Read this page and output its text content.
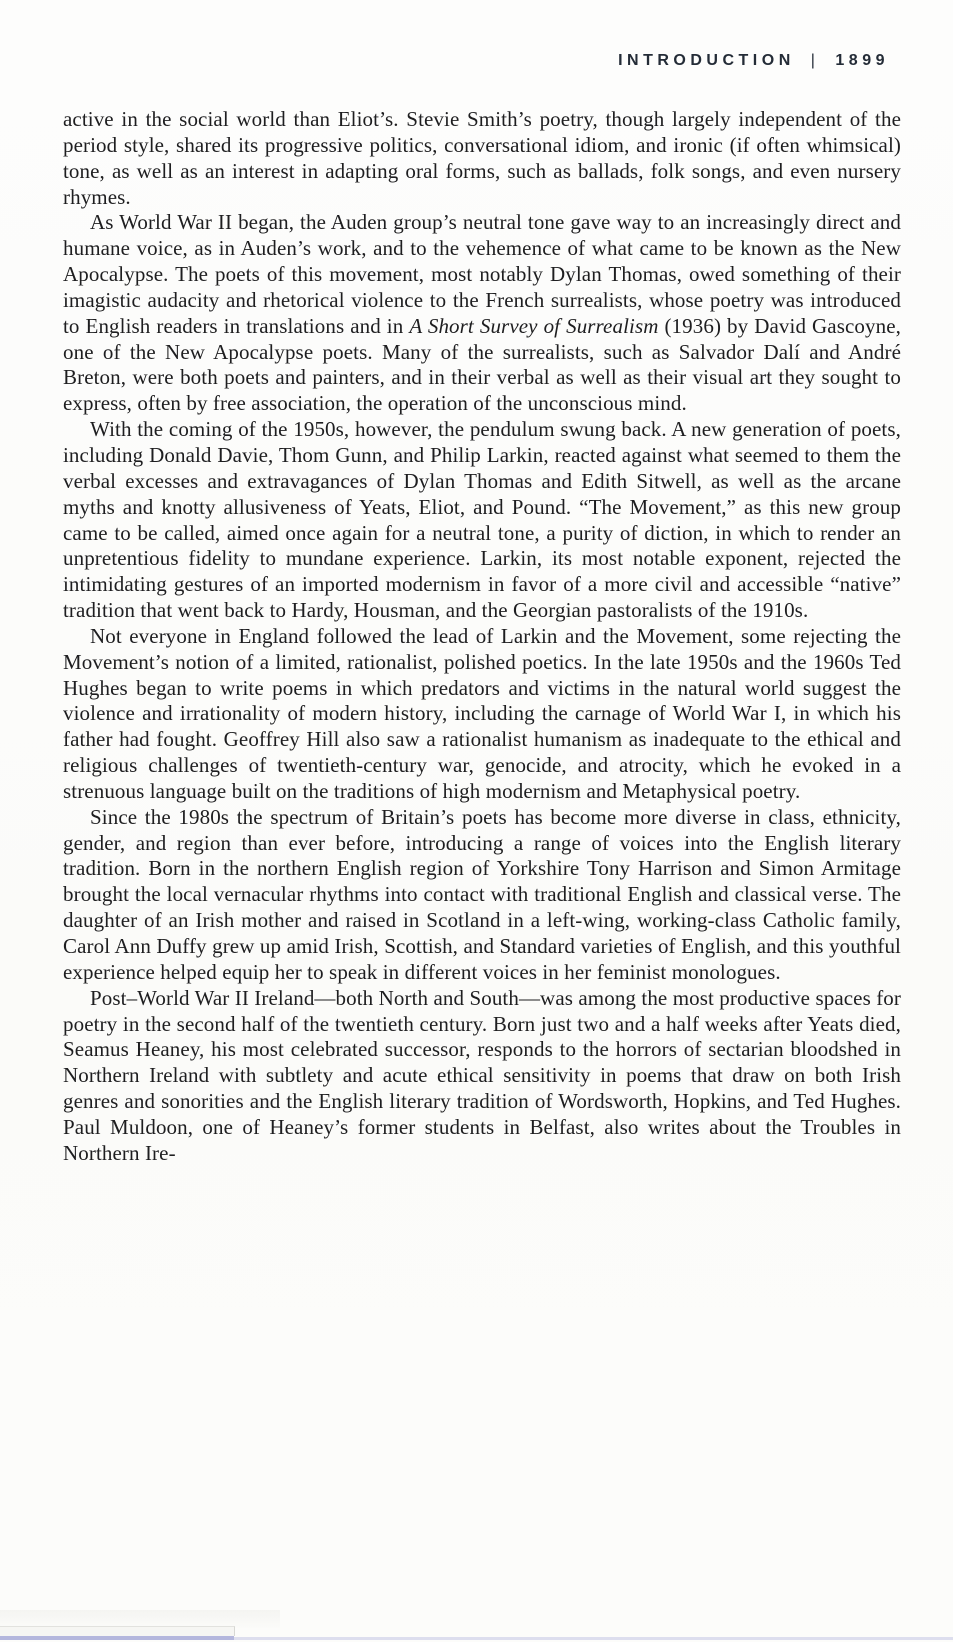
INTRODUCTION | 1899

active in the social world than Eliot’s. Stevie Smith’s poetry, though largely independent of the period style, shared its progressive politics, conversational idiom, and ironic (if often whimsical) tone, as well as an interest in adapting oral forms, such as ballads, folk songs, and even nursery rhymes.

As World War II began, the Auden group’s neutral tone gave way to an increasingly direct and humane voice, as in Auden’s work, and to the vehemence of what came to be known as the New Apocalypse. The poets of this movement, most notably Dylan Thomas, owed something of their imagistic audacity and rhetorical violence to the French surrealists, whose poetry was introduced to English readers in translations and in A Short Survey of Surrealism (1936) by David Gascoyne, one of the New Apocalypse poets. Many of the surrealists, such as Salvador Dalí and André Breton, were both poets and painters, and in their verbal as well as their visual art they sought to express, often by free association, the operation of the unconscious mind.

With the coming of the 1950s, however, the pendulum swung back. A new generation of poets, including Donald Davie, Thom Gunn, and Philip Larkin, reacted against what seemed to them the verbal excesses and extravagances of Dylan Thomas and Edith Sitwell, as well as the arcane myths and knotty allusiveness of Yeats, Eliot, and Pound. “The Movement,” as this new group came to be called, aimed once again for a neutral tone, a purity of diction, in which to render an unpretentious fidelity to mundane experience. Larkin, its most notable exponent, rejected the intimidating gestures of an imported modernism in favor of a more civil and accessible “native” tradition that went back to Hardy, Housman, and the Georgian pastoralists of the 1910s.

Not everyone in England followed the lead of Larkin and the Movement, some rejecting the Movement’s notion of a limited, rationalist, polished poetics. In the late 1950s and the 1960s Ted Hughes began to write poems in which predators and victims in the natural world suggest the violence and irrationality of modern history, including the carnage of World War I, in which his father had fought. Geoffrey Hill also saw a rationalist humanism as inadequate to the ethical and religious challenges of twentieth-century war, genocide, and atrocity, which he evoked in a strenuous language built on the traditions of high modernism and Metaphysical poetry.

Since the 1980s the spectrum of Britain’s poets has become more diverse in class, ethnicity, gender, and region than ever before, introducing a range of voices into the English literary tradition. Born in the northern English region of Yorkshire Tony Harrison and Simon Armitage brought the local vernacular rhythms into contact with traditional English and classical verse. The daughter of an Irish mother and raised in Scotland in a left-wing, working-class Catholic family, Carol Ann Duffy grew up amid Irish, Scottish, and Standard varieties of English, and this youthful experience helped equip her to speak in different voices in her feminist monologues.

Post–World War II Ireland—both North and South—was among the most productive spaces for poetry in the second half of the twentieth century. Born just two and a half weeks after Yeats died, Seamus Heaney, his most celebrated successor, responds to the horrors of sectarian bloodshed in Northern Ireland with subtlety and acute ethical sensitivity in poems that draw on both Irish genres and sonorities and the English literary tradition of Wordsworth, Hopkins, and Ted Hughes. Paul Muldoon, one of Heaney’s former students in Belfast, also writes about the Troubles in Northern Ire-
